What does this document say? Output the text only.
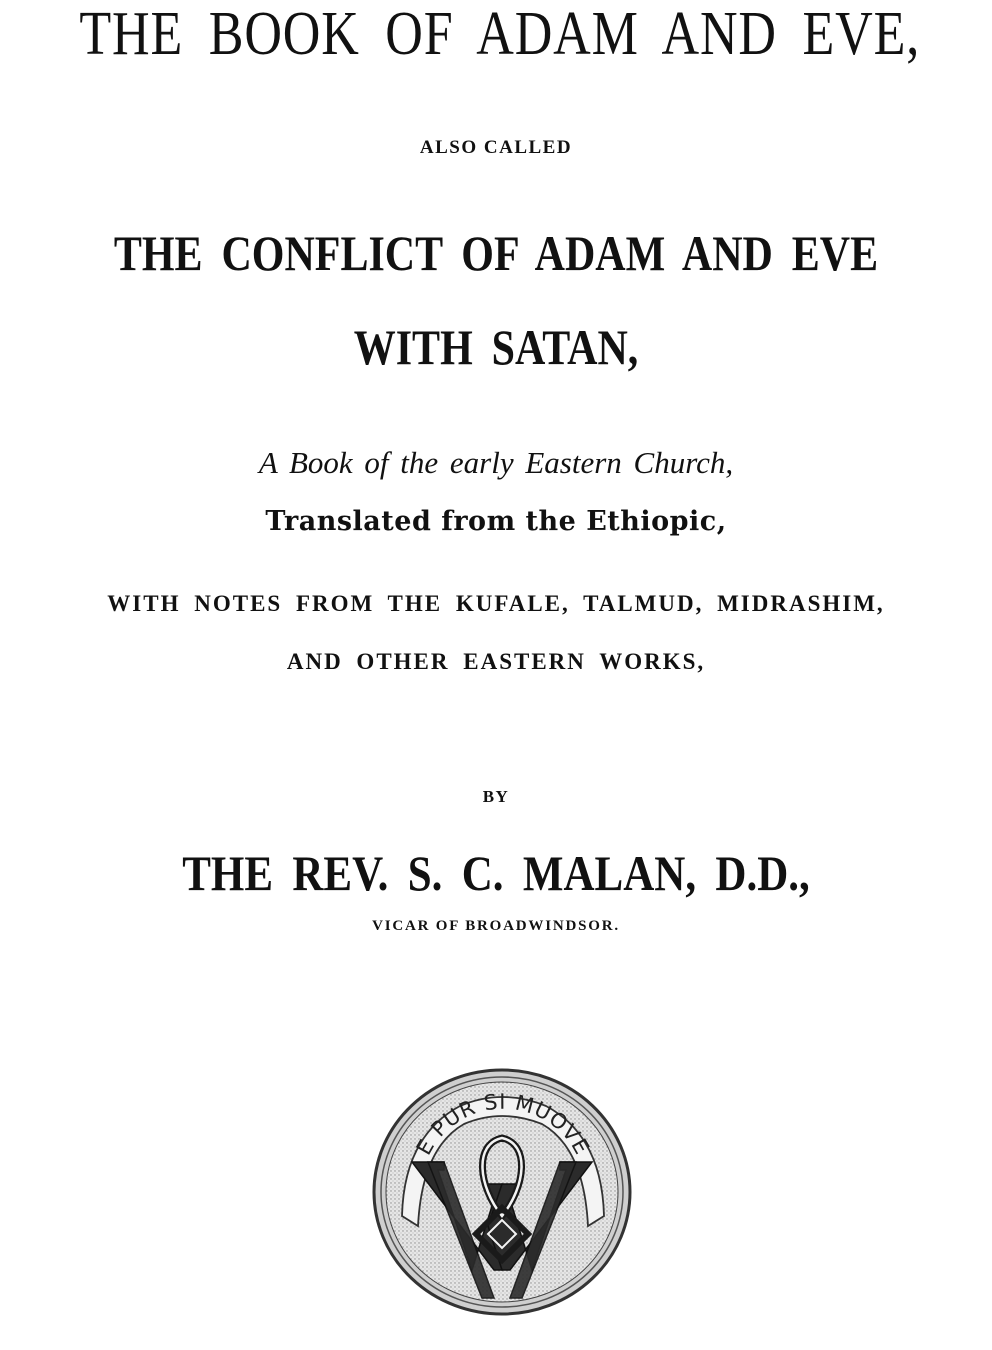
THE BOOK OF ADAM AND EVE,

ALSO CALLED

THE CONFLICT OF ADAM AND EVE
WITH SATAN,

A Book of the early Eastern Church,

Translated from the Ethiopic,

WITH NOTES FROM THE KUFALE, TALMUD, MIDRASHIM,

AND OTHER EASTERN WORKS,

BY

THE REV. S. C. MALAN, D.D.,

VICAR OF BROADWINDSOR.

E PUR SI MUOVE
